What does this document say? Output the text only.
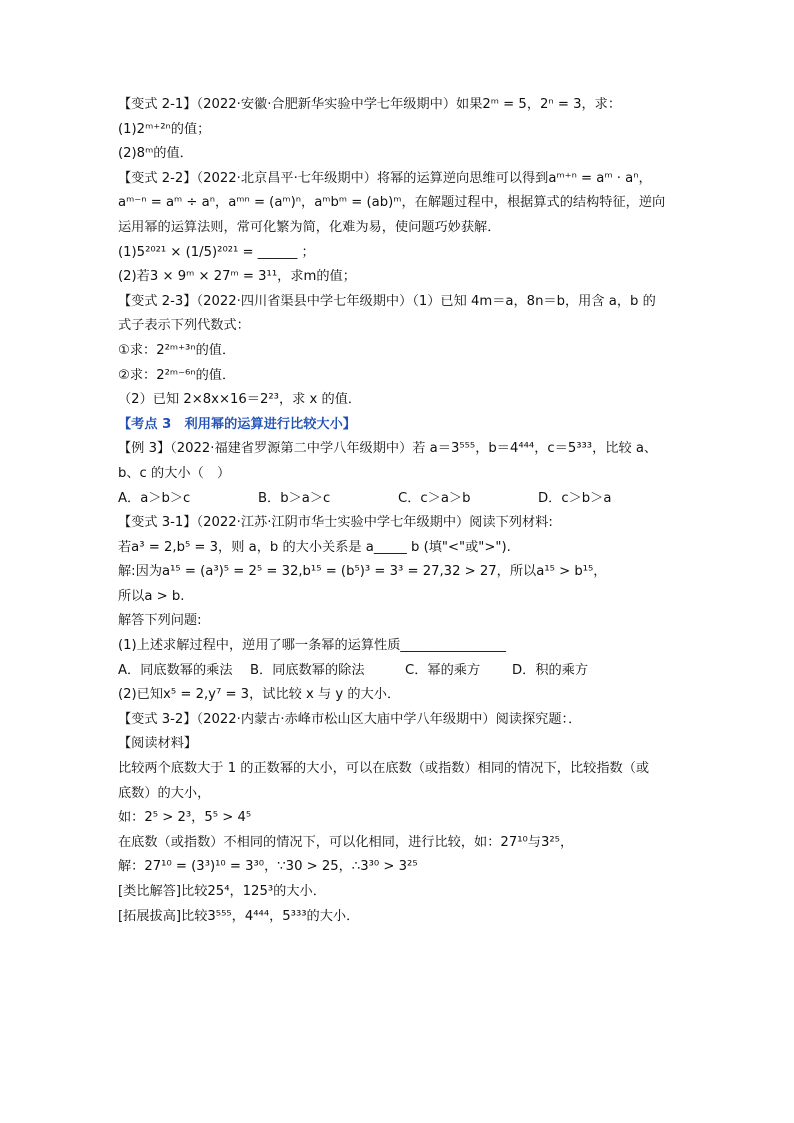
【变式 2-1】（2022·安徽·合肥新华实验中学七年级期中）如果2ᵐ = 5，2ⁿ = 3，求：
(1)2ᵐ⁺²ⁿ的值；
(2)8ᵐ的值．
【变式 2-2】（2022·北京昌平·七年级期中）将幂的运算逆向思维可以得到aᵐ⁺ⁿ = aᵐ · aⁿ，
aᵐ⁻ⁿ = aᵐ ÷ aⁿ，aᵐⁿ = (aᵐ)ⁿ，aᵐbᵐ = (ab)ᵐ，在解题过程中，根据算式的结构特征，逆向
运用幂的运算法则，常可化繁为简，化难为易，使问题巧妙获解．
(1)5²⁰²¹ × (1/5)²⁰²¹ = ______ ；
(2)若3 × 9ᵐ × 27ᵐ = 3¹¹，求m的值；
【变式 2-3】（2022·四川省渠县中学七年级期中）（1）已知 4m＝a，8n＝b，用含 a，b 的
式子表示下列代数式：
①求：2²ᵐ⁺³ⁿ的值．
②求：2²ᵐ⁻⁶ⁿ的值．
（2）已知 2×8x×16＝2²³，求 x 的值．
【考点 3　利用幂的运算进行比较大小】
【例 3】（2022·福建省罗源第二中学八年级期中）若 a＝3⁵⁵⁵，b＝4⁴⁴⁴，c＝5³³³，比较 a、
b、c 的大小（　）
A．a＞b＞c	B．b＞a＞c	C．c＞a＞b	D．c＞b＞a
【变式 3-1】（2022·江苏·江阴市华士实验中学七年级期中）阅读下列材料:
若a³ = 2,b⁵ = 3，则 a，b 的大小关系是 a_____ b (填"<"或">").
解:因为a¹⁵ = (a³)⁵ = 2⁵ = 32,b¹⁵ = (b⁵)³ = 3³ = 27,32 > 27，所以a¹⁵ > b¹⁵，
所以a > b.
解答下列问题:
(1)上述求解过程中，逆用了哪一条幂的运算性质________________
A．同底数幂的乘法	B．同底数幂的除法	C．幂的乘方	D．积的乘方
(2)已知x⁵ = 2,y⁷ = 3，试比较 x 与 y 的大小．
【变式 3-2】（2022·内蒙古·赤峰市松山区大庙中学八年级期中）阅读探究题：．
【阅读材料】
比较两个底数大于 1 的正数幂的大小，可以在底数（或指数）相同的情况下，比较指数（或
底数）的大小，
如：2⁵ > 2³，5⁵ > 4⁵
在底数（或指数）不相同的情况下，可以化相同，进行比较，如：27¹⁰与3²⁵，
解：27¹⁰ = (3³)¹⁰ = 3³⁰，∵30 > 25，∴3³⁰ > 3²⁵
[类比解答]比较25⁴，125³的大小．
[拓展拔高]比较3⁵⁵⁵，4⁴⁴⁴，5³³³的大小．
